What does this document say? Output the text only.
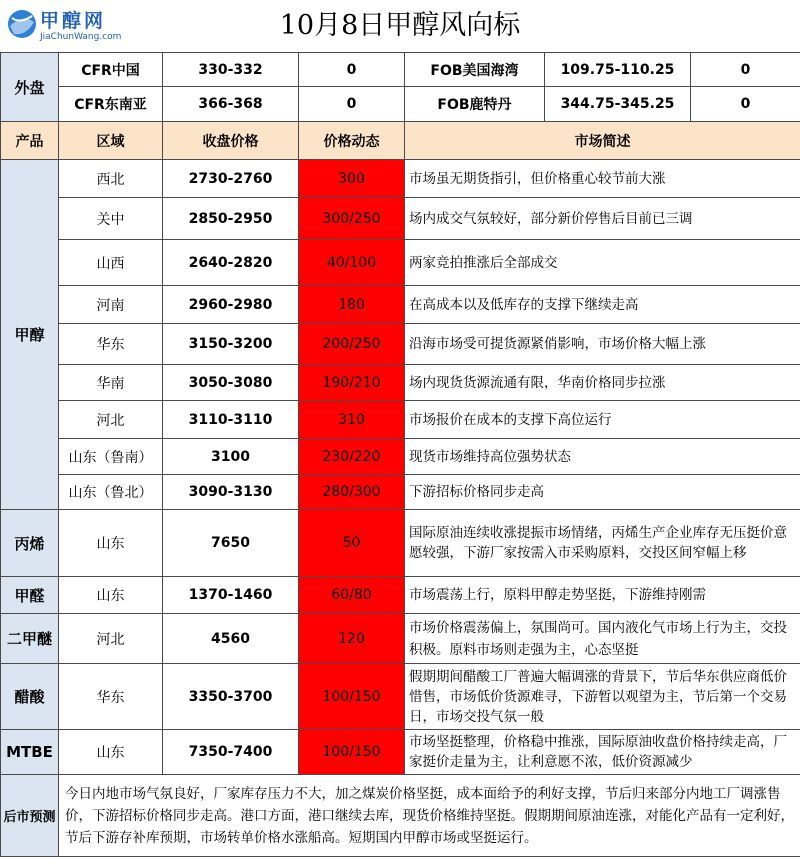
甲醇网
JiaChunWang.com	10月8日甲醇风向标
外盘	CFR中国	330-332	0	FOB美国海湾	109.75-110.25	0
	CFR东南亚	366-368	0	FOB鹿特丹	344.75-345.25	0
产品	区域	收盘价格	价格动态	市场简述		
甲醇	西北	2730-2760	300	市场虽无期货指引，但价格重心较节前大涨		
	关中	2850-2950	300/250	场内成交气氛较好，部分新价停售后目前已三调		
	山西	2640-2820	40/100	两家竞拍推涨后全部成交		
	河南	2960-2980	180	在高成本以及低库存的支撑下继续走高		
	华东	3150-3200	200/250	沿海市场受可提货源紧俏影响，市场价格大幅上涨		
	华南	3050-3080	190/210	场内现货货源流通有限，华南价格同步拉涨		
	河北	3110-3110	310	市场报价在成本的支撑下高位运行		
	山东（鲁南）	3100	230/220	现货市场维持高位强势状态		
	山东（鲁北）	3090-3130	280/300	下游招标价格同步走高		
丙烯	山东	7650	50	国际原油连续收涨提振市场情绪，丙烯生产企业库存无压挺价意愿较强，下游厂家按需入市采购原料，交投区间窄幅上移		
甲醛	山东	1370-1460	60/80	市场震荡上行，原料甲醇走势坚挺，下游维持刚需		
二甲醚	河北	4560	120	市场价格震荡偏上，氛围尚可。国内液化气市场上行为主，交投积极。原料市场则走强为主，心态坚挺		
醋酸	华东	3350-3700	100/150	假期期间醋酸工厂普遍大幅调涨的背景下，节后华东供应商低价惜售，市场低价货源难寻，下游暂以观望为主，节后第一个交易日，市场交投气氛一般		
MTBE	山东	7350-7400	100/150	市场坚挺整理，价格稳中推涨，国际原油收盘价格持续走高，厂家挺价走量为主，让利意愿不浓，低价资源减少		
后市预测	今日内地市场气氛良好，厂家库存压力不大，加之煤炭价格坚挺，成本面给予的利好支撑，节后归来部分内地工厂调涨售价，下游招标价格同步走高。港口方面，港口继续去库，现货价格维持坚挺。假期期间原油连涨，对能化产品有一定利好，节后下游存补库预期，市场转单价格水涨船高。短期国内甲醇市场或坚挺运行。					
